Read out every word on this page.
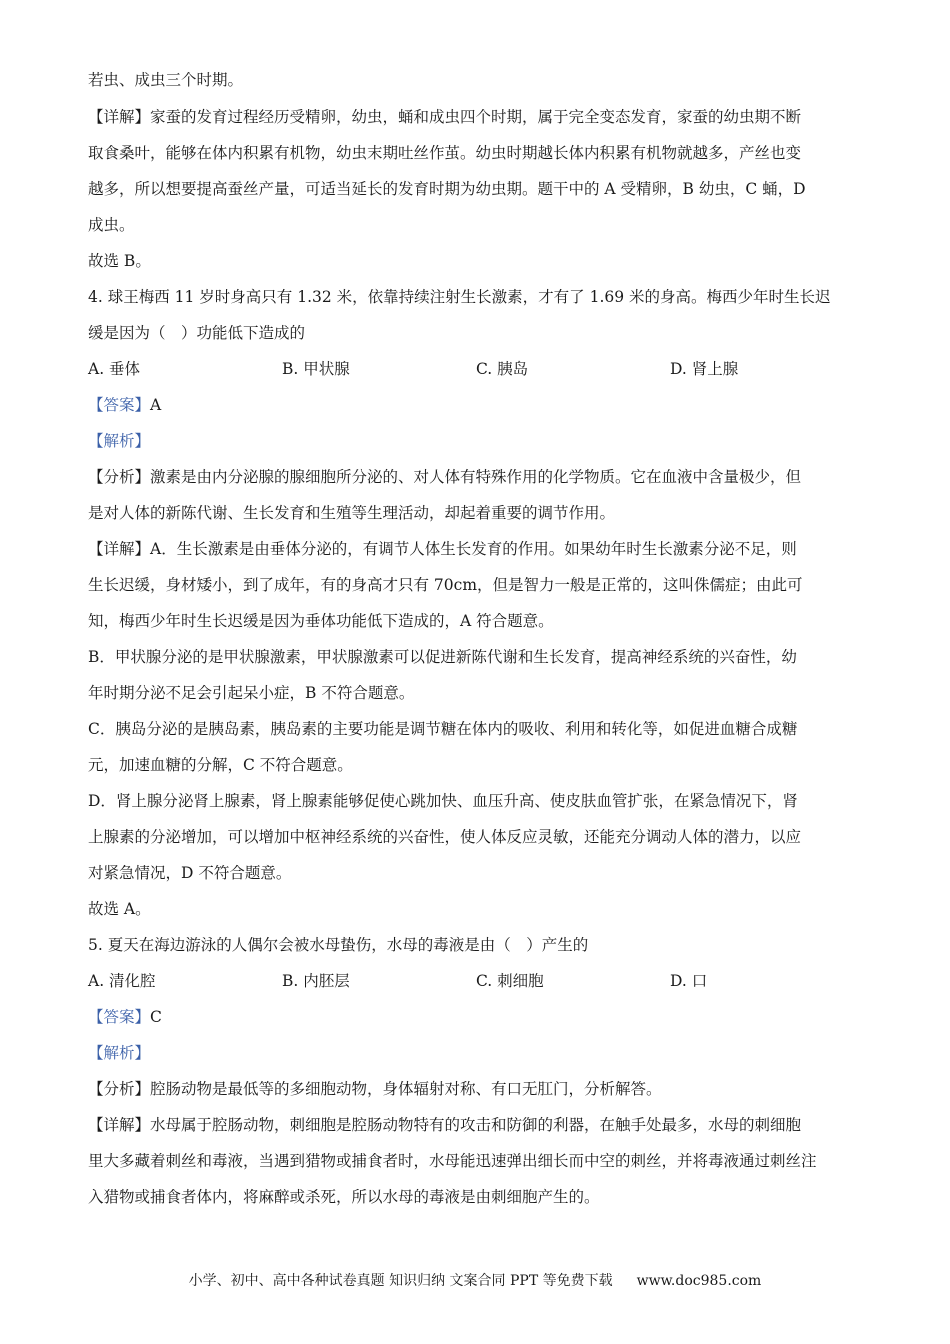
若虫、成虫三个时期。
【详解】家蚕的发育过程经历受精卵，幼虫，蛹和成虫四个时期，属于完全变态发育，家蚕的幼虫期不断
取食桑叶，能够在体内积累有机物，幼虫末期吐丝作茧。幼虫时期越长体内积累有机物就越多，产丝也变
越多，所以想要提高蚕丝产量，可适当延长的发育时期为幼虫期。题干中的 A 受精卵，B 幼虫，C 蛹，D
成虫。
故选 B。
4. 球王梅西 11 岁时身高只有 1.32 米，依靠持续注射生长激素，才有了 1.69 米的身高。梅西少年时生长迟
缓是因为（　）功能低下造成的
A. 垂体	B. 甲状腺	C. 胰岛	D. 肾上腺
【答案】A
【解析】
【分析】激素是由内分泌腺的腺细胞所分泌的、对人体有特殊作用的化学物质。它在血液中含量极少，但
是对人体的新陈代谢、生长发育和生殖等生理活动，却起着重要的调节作用。
【详解】A．生长激素是由垂体分泌的，有调节人体生长发育的作用。如果幼年时生长激素分泌不足，则
生长迟缓，身材矮小，到了成年，有的身高才只有 70cm，但是智力一般是正常的，这叫侏儒症；由此可
知，梅西少年时生长迟缓是因为垂体功能低下造成的，A 符合题意。
B．甲状腺分泌的是甲状腺激素，甲状腺激素可以促进新陈代谢和生长发育，提高神经系统的兴奋性，幼
年时期分泌不足会引起呆小症，B 不符合题意。
C．胰岛分泌的是胰岛素，胰岛素的主要功能是调节糖在体内的吸收、利用和转化等，如促进血糖合成糖
元，加速血糖的分解，C 不符合题意。
D．肾上腺分泌肾上腺素，肾上腺素能够促使心跳加快、血压升高、使皮肤血管扩张，在紧急情况下，肾
上腺素的分泌增加，可以增加中枢神经系统的兴奋性，使人体反应灵敏，还能充分调动人体的潜力，以应
对紧急情况，D 不符合题意。
故选 A。
5. 夏天在海边游泳的人偶尔会被水母蛰伤，水母的毒液是由（　）产生的
A. 清化腔	B. 内胚层	C. 刺细胞	D. 口
【答案】C
【解析】
【分析】腔肠动物是最低等的多细胞动物，身体辐射对称、有口无肛门，分析解答。
【详解】水母属于腔肠动物，刺细胞是腔肠动物特有的攻击和防御的利器，在触手处最多，水母的刺细胞
里大多藏着刺丝和毒液，当遇到猎物或捕食者时，水母能迅速弹出细长而中空的刺丝，并将毒液通过刺丝注
入猎物或捕食者体内，将麻醉或杀死，所以水母的毒液是由刺细胞产生的。
小学、初中、高中各种试卷真题 知识归纳 文案合同 PPT 等免费下载 www.doc985.com
